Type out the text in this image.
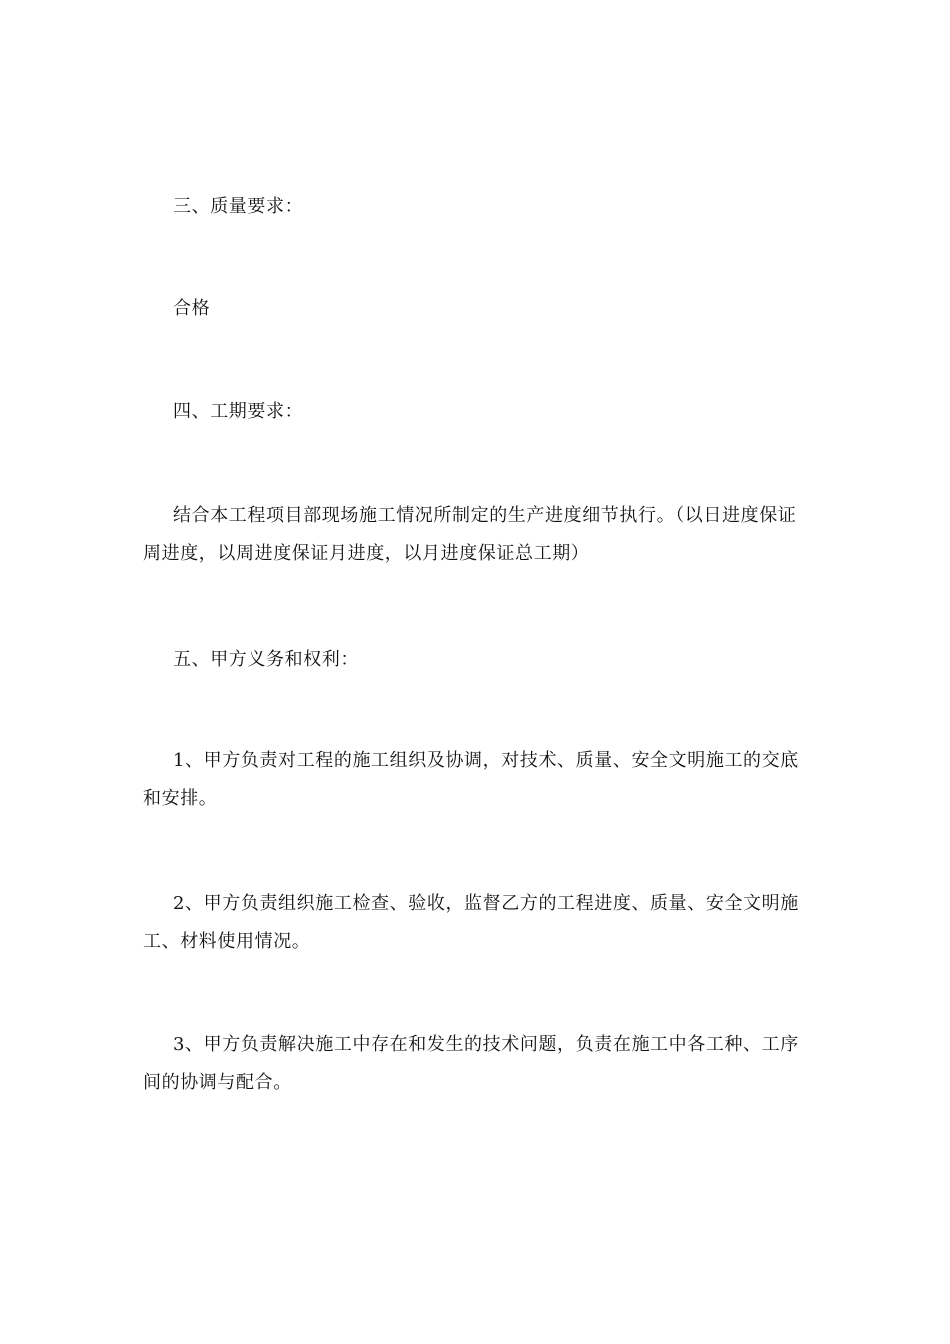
三、质量要求：

合格

四、工期要求：

结合本工程项目部现场施工情况所制定的生产进度细节执行。（以日进度保证周进度，以周进度保证月进度，以月进度保证总工期）

五、甲方义务和权利：

1、甲方负责对工程的施工组织及协调，对技术、质量、安全文明施工的交底和安排。

2、甲方负责组织施工检查、验收，监督乙方的工程进度、质量、安全文明施工、材料使用情况。

3、甲方负责解决施工中存在和发生的技术问题，负责在施工中各工种、工序间的协调与配合。
